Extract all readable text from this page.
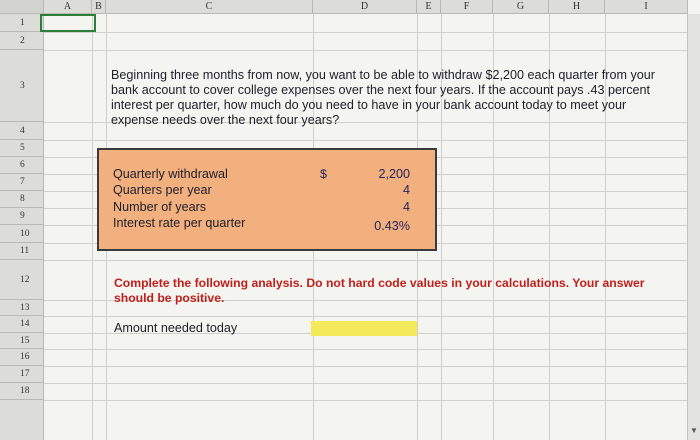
A	B	C	D	E	F	G	H	I
1
2
3
4
5
6
7
8
9
10
11
12
13
14
15
16
17
18
Beginning three months from now, you want to be able to withdraw $2,200 each quarter from your bank account to cover college expenses over the next four years. If the account pays .43 percent interest per quarter, how much do you need to have in your bank account today to meet your expense needs over the next four years?
Quarterly withdrawal	$	2,200
Quarters per year	4
Number of years	4
Interest rate per quarter	0.43%
Complete the following analysis. Do not hard code values in your calculations. Your answer should be positive.
Amount needed today
▼
